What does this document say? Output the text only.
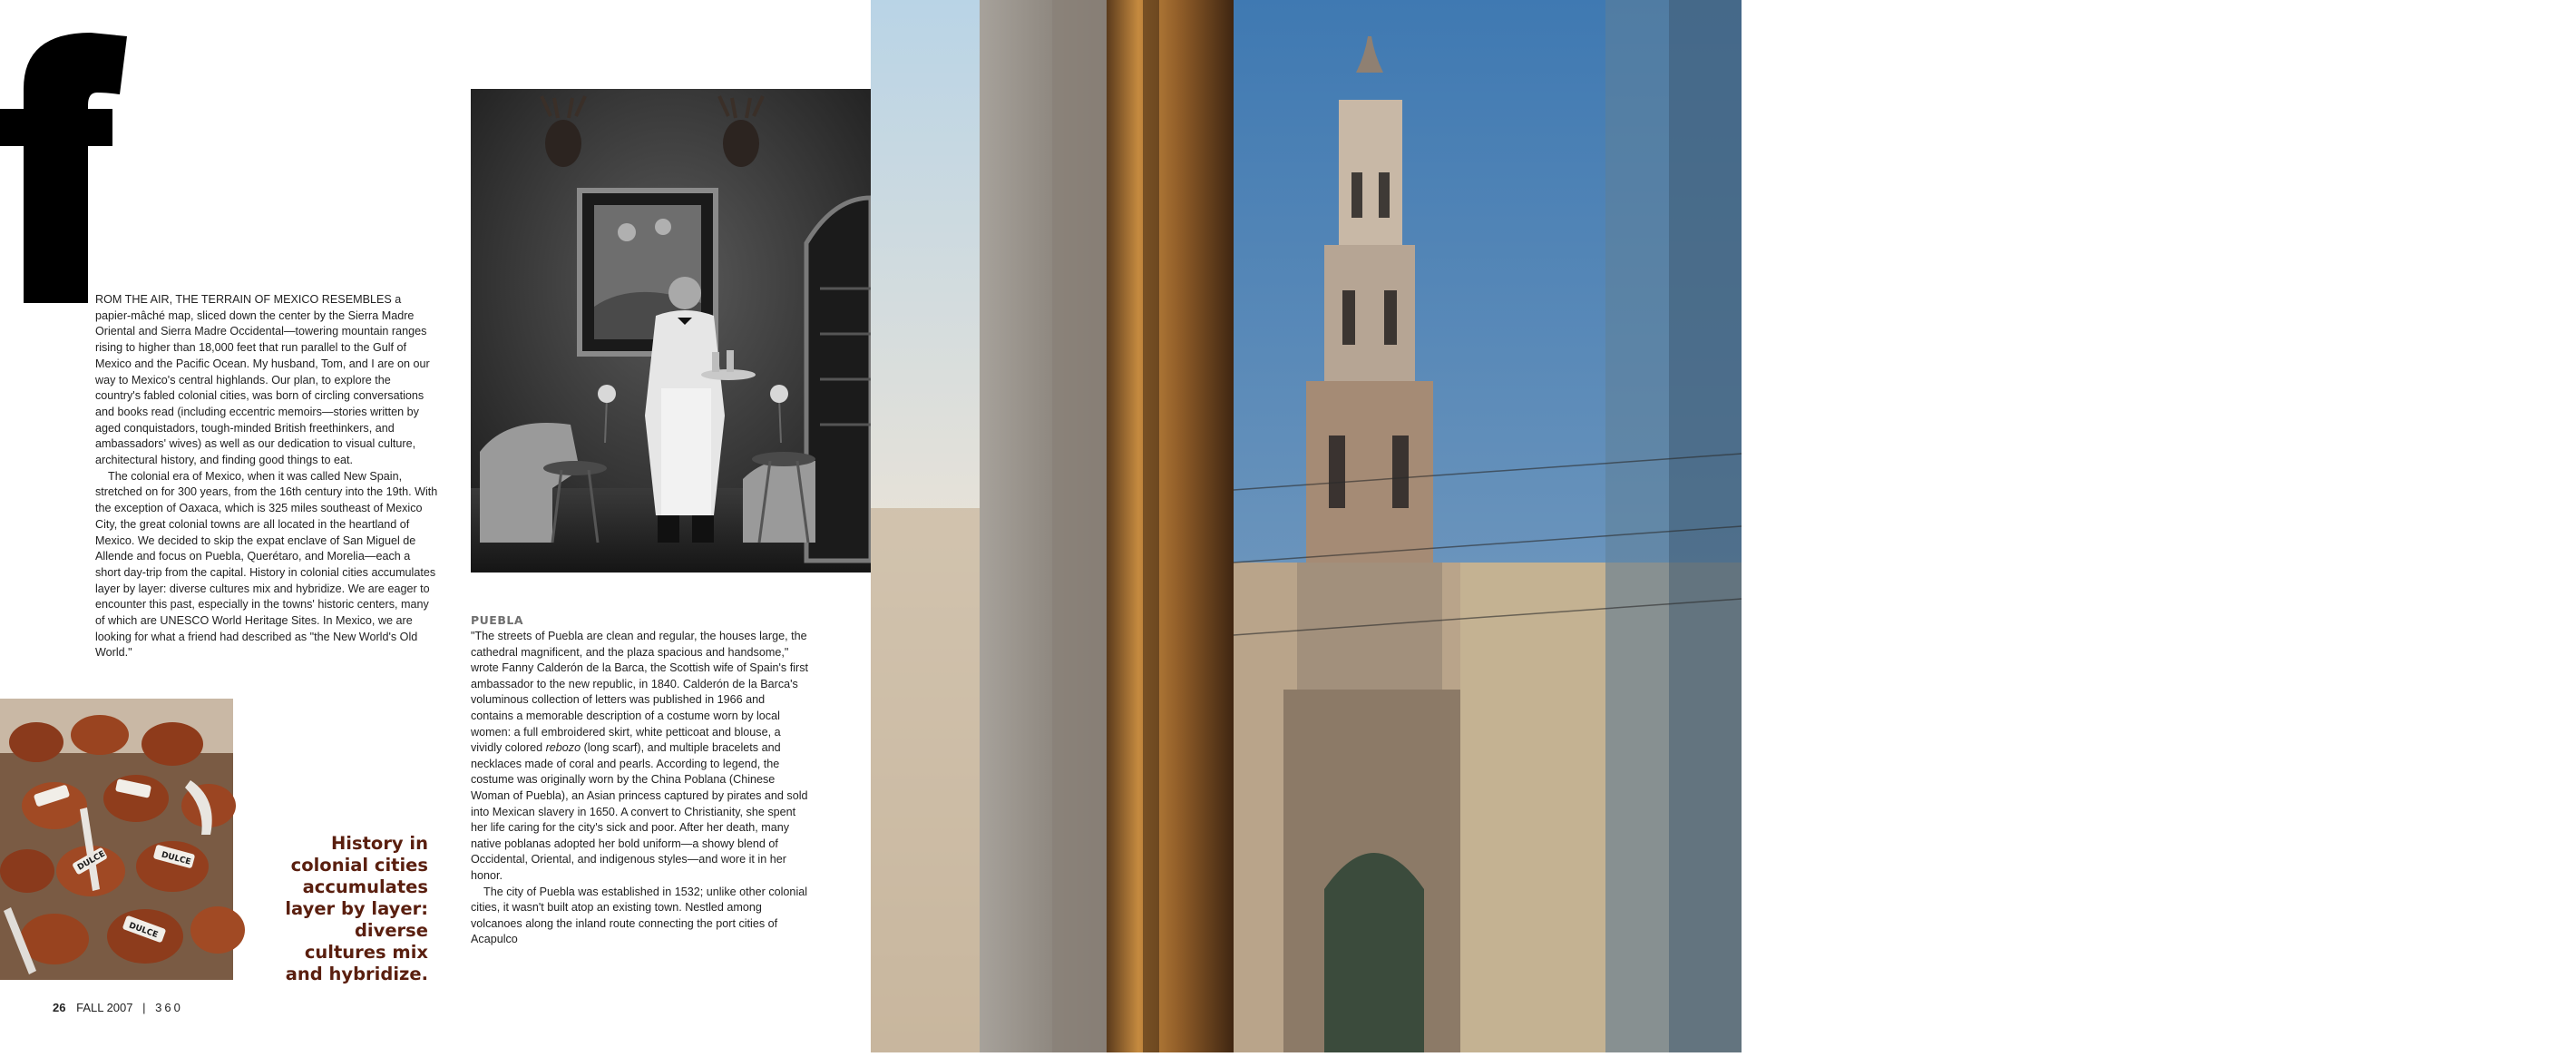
ROM THE AIR, THE TERRAIN OF MEXICO RESEMBLES a papier-mâché map, sliced down the center by the Sierra Madre Oriental and Sierra Madre Occidental—towering mountain ranges rising to higher than 18,000 feet that run parallel to the Gulf of Mexico and the Pacific Ocean. My husband, Tom, and I are on our way to Mexico's central highlands. Our plan, to explore the country's fabled colonial cities, was born of circling conversations and books read (including eccentric memoirs—stories written by aged conquistadors, tough-minded British freethinkers, and ambassadors' wives) as well as our dedication to visual culture, architectural history, and finding good things to eat.

The colonial era of Mexico, when it was called New Spain, stretched on for 300 years, from the 16th century into the 19th. With the exception of Oaxaca, which is 325 miles southeast of Mexico City, the great colonial towns are all located in the heartland of Mexico. We decided to skip the expat enclave of San Miguel de Allende and focus on Puebla, Querétaro, and Morelia—each a short day-trip from the capital. History in colonial cities accumulates layer by layer: diverse cultures mix and hybridize. We are eager to encounter this past, especially in the towns' historic centers, many of which are UNESCO World Heritage Sites. In Mexico, we are looking for what a friend had described as "the New World's Old World."

DULCE
DULCE
DULCE
History in colonial cities accumulates layer by layer: diverse cultures mix and hybridize.
PUEBLA

"The streets of Puebla are clean and regular, the houses large, the cathedral magnificent, and the plaza spacious and handsome," wrote Fanny Calderón de la Barca, the Scottish wife of Spain's first ambassador to the new republic, in 1840. Calderón de la Barca's voluminous collection of letters was published in 1966 and contains a memorable description of a costume worn by local women: a full embroidered skirt, white petticoat and blouse, a vividly colored rebozo (long scarf), and multiple bracelets and necklaces made of coral and pearls. According to legend, the costume was originally worn by the China Poblana (Chinese Woman of Puebla), an Asian princess captured by pirates and sold into Mexican slavery in 1650. A convert to Christianity, she spent her life caring for the city's sick and poor. After her death, many native poblanas adopted her bold uniform—a showy blend of Occidental, Oriental, and indigenous styles—and wore it in her honor.

The city of Puebla was established in 1532; unlike other colonial cities, it wasn't built atop an existing town. Nestled among volcanoes along the inland route connecting the port cities of Acapulco

26 FALL 2007 | 360
From left: tamarindo paste at the Museo del Dulce in Morelia; the ornate lobby bar at La Casa de la Marquesa; Querétaro's Templo de Santa Rosa de Viterbos.
